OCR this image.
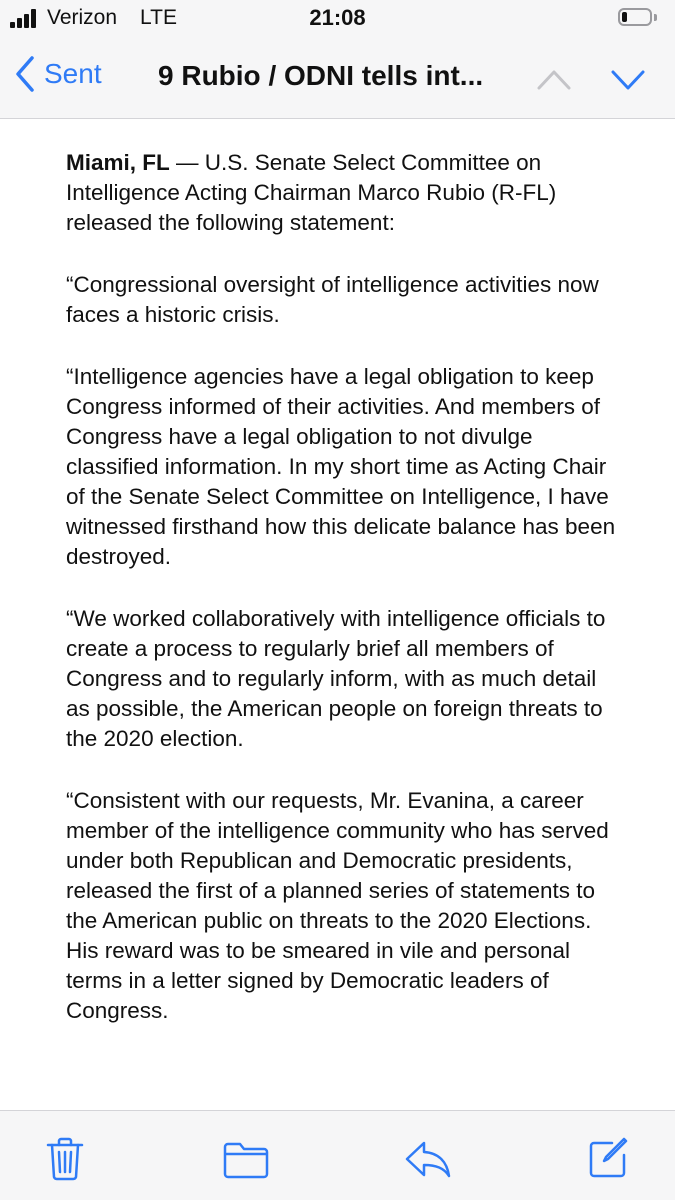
Verizon LTE	21:08
Sent 9 Rubio / ODNI tells int...

Miami, FL — U.S. Senate Select Committee on Intelligence Acting Chairman Marco Rubio (R-FL) released the following statement:

“Congressional oversight of intelligence activities now faces a historic crisis.

“Intelligence agencies have a legal obligation to keep Congress informed of their activities. And members of Congress have a legal obligation to not divulge classified information. In my short time as Acting Chair of the Senate Select Committee on Intelligence, I have witnessed firsthand how this delicate balance has been destroyed.

“We worked collaboratively with intelligence officials to create a process to regularly brief all members of Congress and to regularly inform, with as much detail as possible, the American people on foreign threats to the 2020 election.

“Consistent with our requests, Mr. Evanina, a career member of the intelligence community who has served under both Republican and Democratic presidents, released the first of a planned series of statements to the American public on threats to the 2020 Elections. His reward was to be smeared in vile and personal terms in a letter signed by Democratic leaders of Congress.
